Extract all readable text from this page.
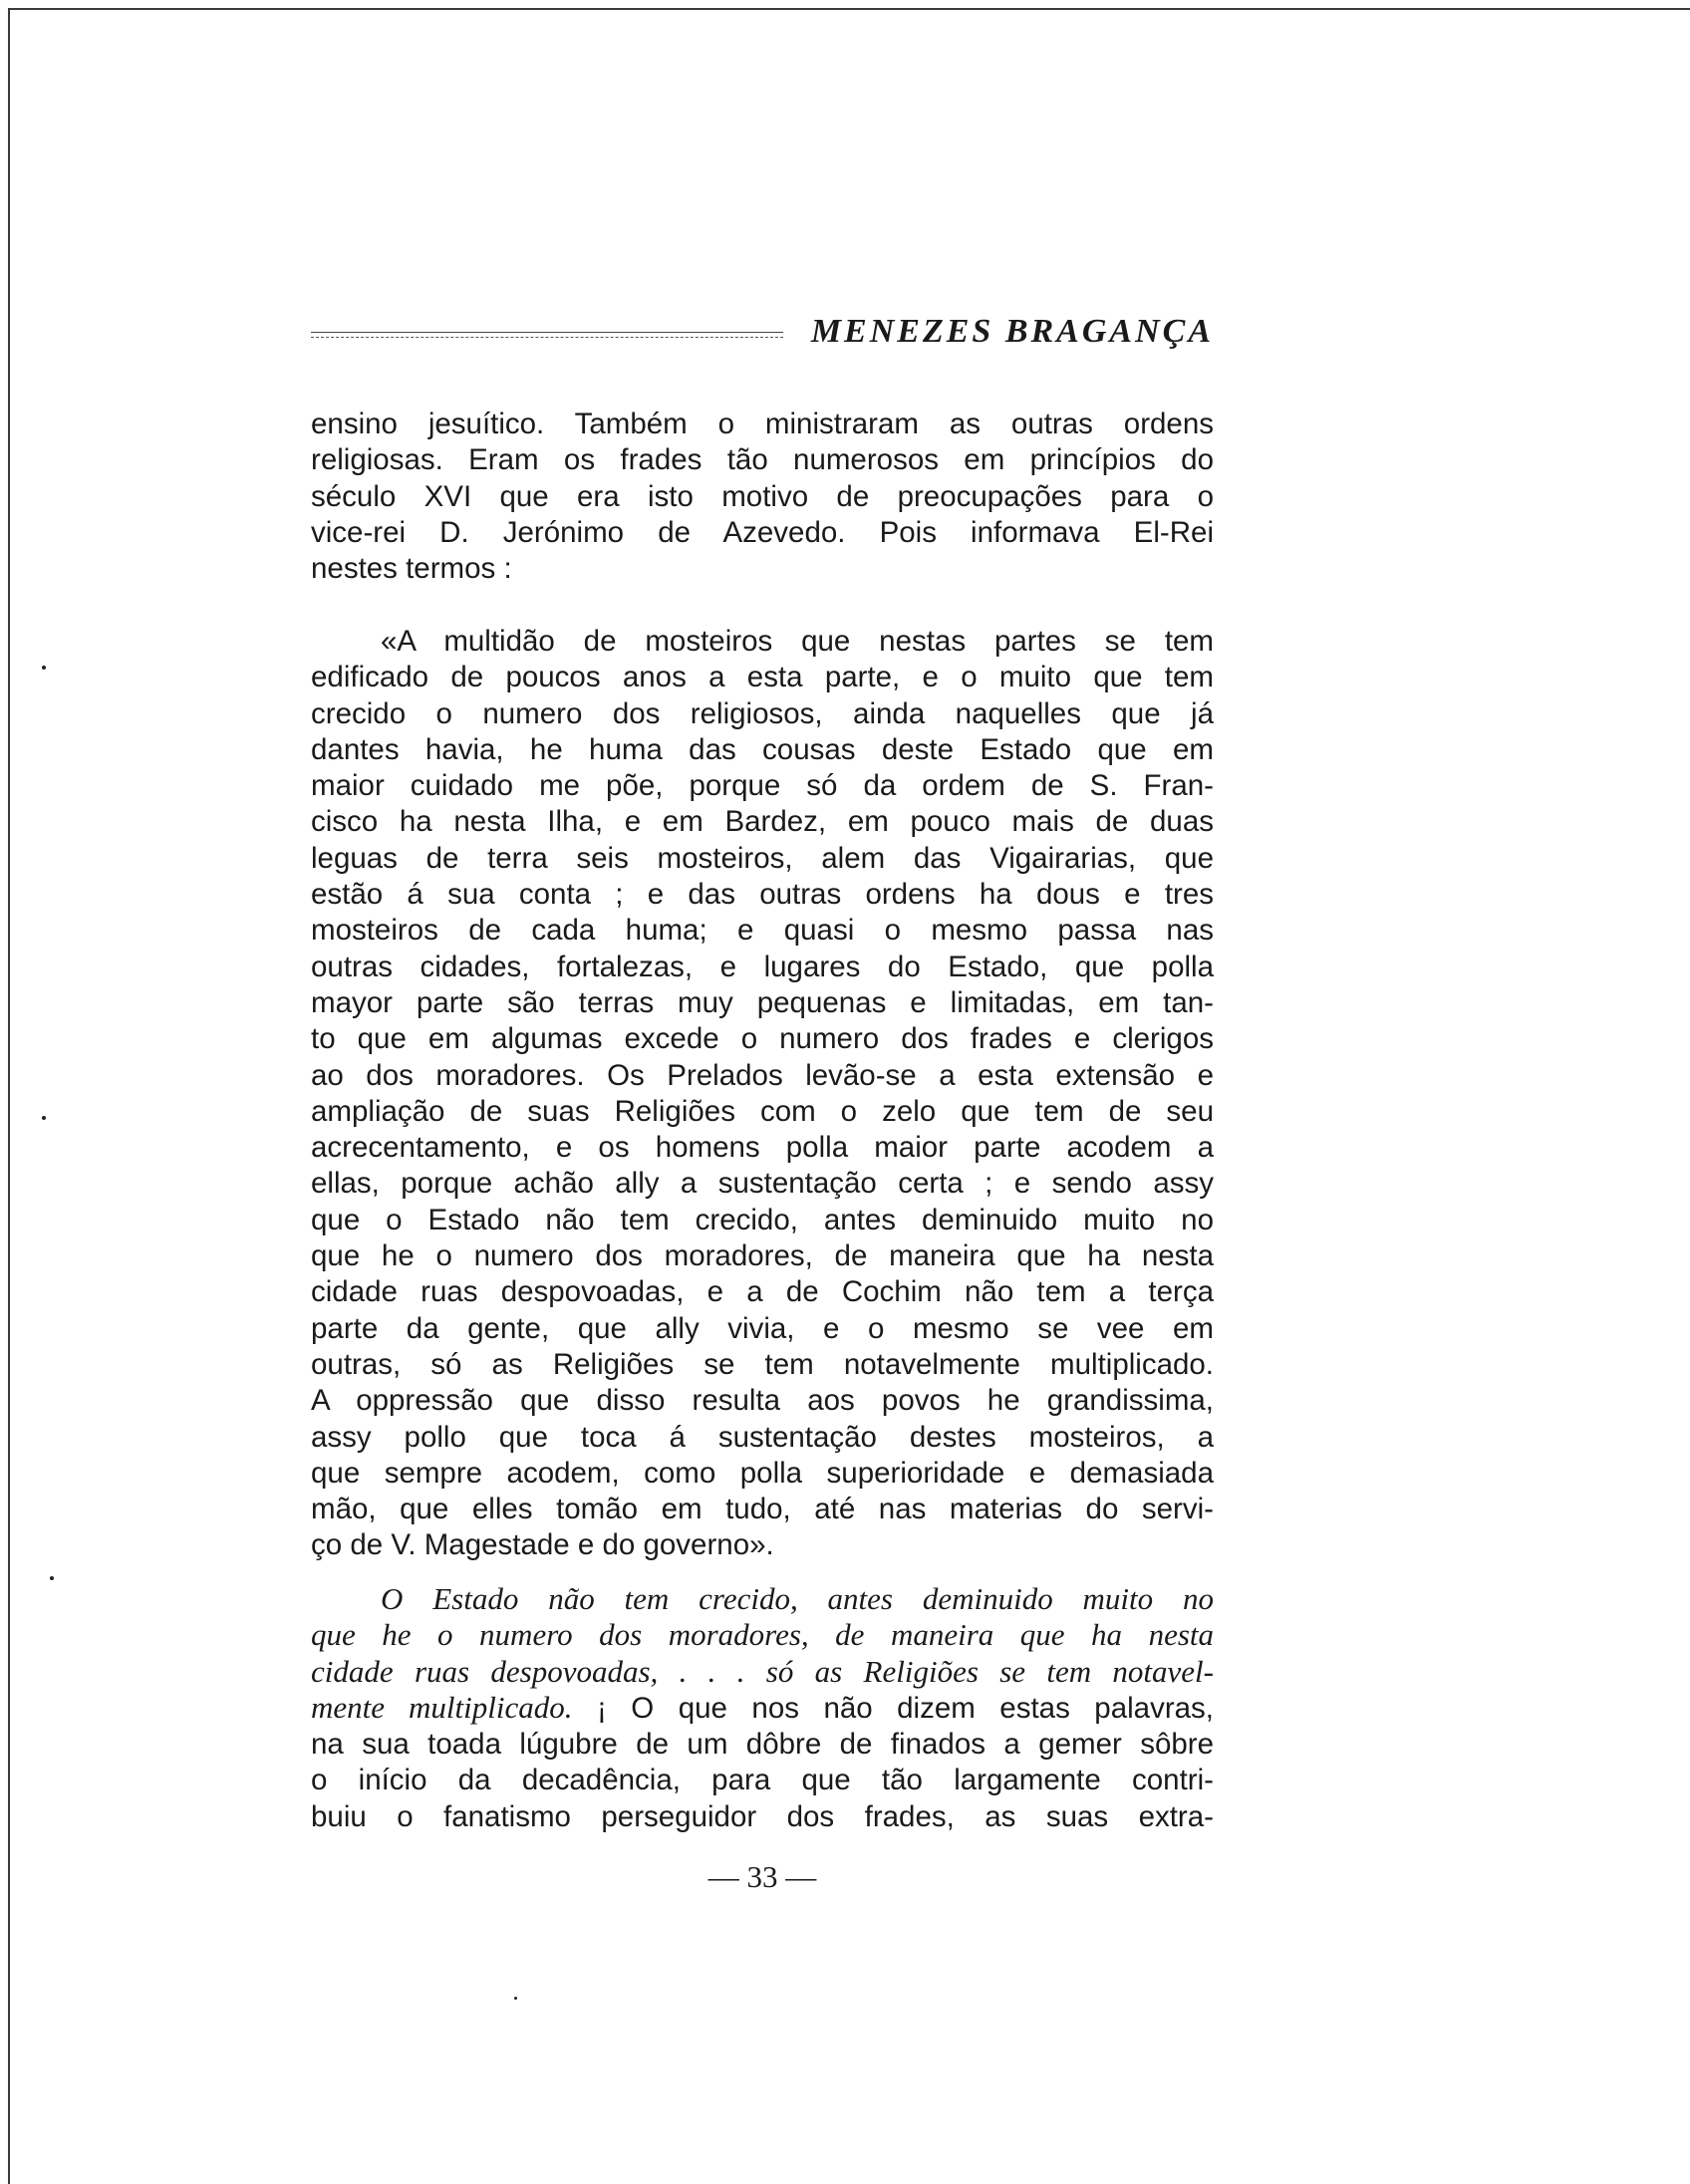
MENEZES BRAGANÇA
ensino jesuítico. Também o ministraram as outras ordens
religiosas. Eram os frades tão numerosos em princípios do
século XVI que era isto motivo de preocupações para o
vice-rei D. Jerónimo de Azevedo. Pois informava El-Rei
nestes termos :
«A multidão de mosteiros que nestas partes se tem
edificado de poucos anos a esta parte, e o muito que tem
crecido o numero dos religiosos, ainda naquelles que já
dantes havia, he huma das cousas deste Estado que em
maior cuidado me põe, porque só da ordem de S. Fran-
cisco ha nesta Ilha, e em Bardez, em pouco mais de duas
leguas de terra seis mosteiros, alem das Vigairarias, que
estão á sua conta ; e das outras ordens ha dous e tres
mosteiros de cada huma; e quasi o mesmo passa nas
outras cidades, fortalezas, e lugares do Estado, que polla
mayor parte são terras muy pequenas e limitadas, em tan-
to que em algumas excede o numero dos frades e clerigos
ao dos moradores. Os Prelados levão-se a esta extensão e
ampliação de suas Religiões com o zelo que tem de seu
acrecentamento, e os homens polla maior parte acodem a
ellas, porque achão ally a sustentação certa ; e sendo assy
que o Estado não tem crecido, antes deminuido muito no
que he o numero dos moradores, de maneira que ha nesta
cidade ruas despovoadas, e a de Cochim não tem a terça
parte da gente, que ally vivia, e o mesmo se vee em
outras, só as Religiões se tem notavelmente multiplicado.
A oppressão que disso resulta aos povos he grandissima,
assy pollo que toca á sustentação destes mosteiros, a
que sempre acodem, como polla superioridade e demasiada
mão, que elles tomão em tudo, até nas materias do servi-
ço de V. Magestade e do governo».
O Estado não tem crecido, antes deminuido muito no
que he o numero dos moradores, de maneira que ha nesta
cidade ruas despovoadas, . . . só as Religiões se tem notavel-
mente multiplicado. ¡ O que nos não dizem estas palavras,
na sua toada lúgubre de um dôbre de finados a gemer sôbre
o início da decadência, para que tão largamente contri-
buiu o fanatismo perseguidor dos frades, as suas extra-
— 33 —
